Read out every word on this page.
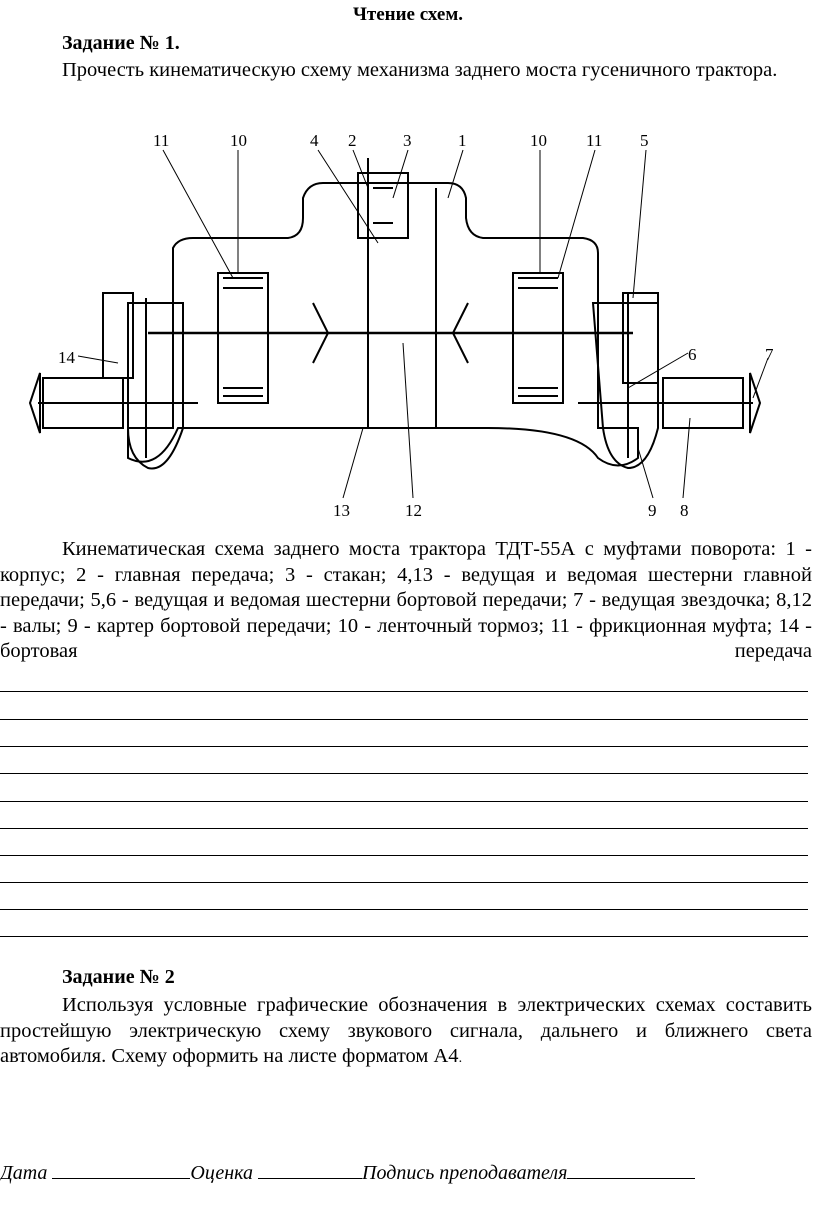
Чтение схем.
Задание № 1.
Прочесть кинематическую схему механизма заднего моста гусеничного трактора.
11	10	4 2	3	1	10 11 5
6	7
14
13	12	9 8
Кинематическая схема заднего моста трактора ТДТ-55А с муфтами поворота: 1 - корпус; 2 - главная передача; 3 - стакан; 4,13 - ведущая и ведомая шестерни главной передачи; 5,6 - ведущая и ведомая шестерни бортовой передачи; 7 - ведущая звездочка; 8,12 - валы; 9 - картер бортовой передачи; 10 - ленточный тормоз; 11 - фрикционная муфта; 14 - бортовая передача
Задание № 2
Используя условные графические обозначения в электрических схемах составить простейшую электрическую схему звукового сигнала, дальнего и ближнего света автомобиля. Схему оформить на листе форматом А4.
Дата	Оценка	Подпись преподавателя
